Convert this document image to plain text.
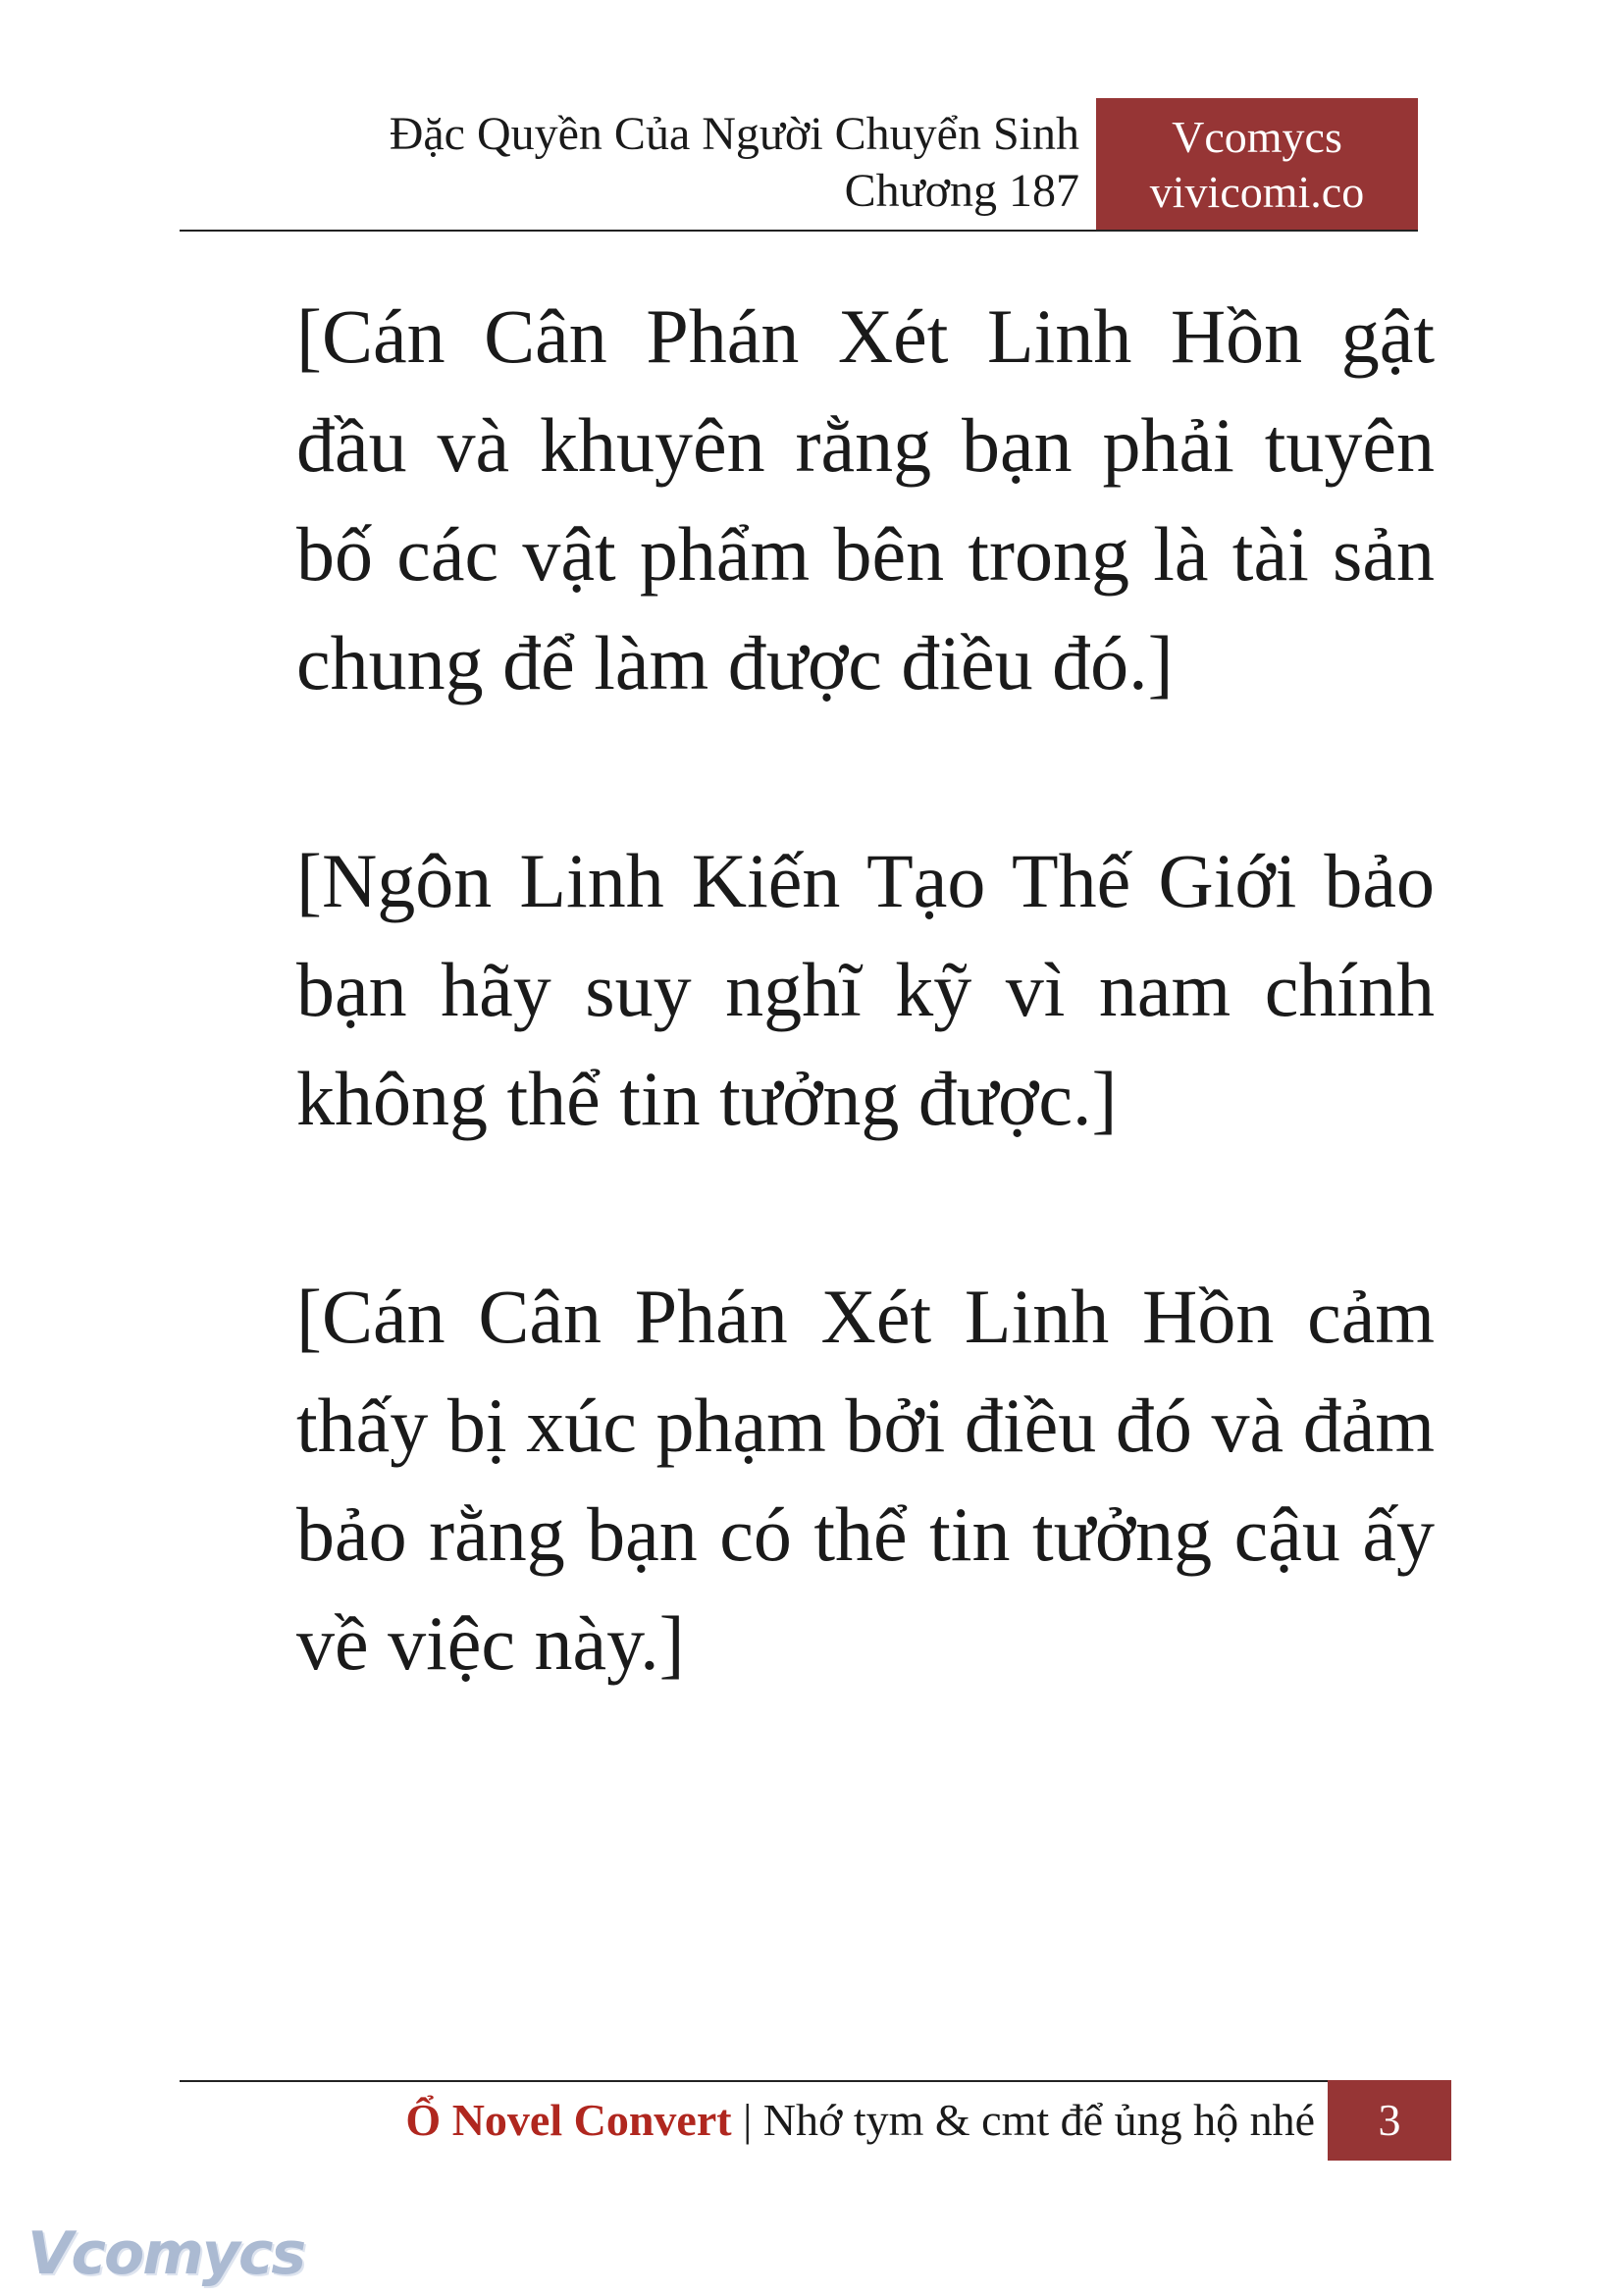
Đặc Quyền Của Người Chuyển Sinh
Chương 187
Vcomycs
vivicomi.co

[Cán Cân Phán Xét Linh Hồn gật đầu và khuyên rằng bạn phải tuyên bố các vật phẩm bên trong là tài sản chung để làm được điều đó.]

[Ngôn Linh Kiến Tạo Thế Giới bảo bạn hãy suy nghĩ kỹ vì nam chính không thể tin tưởng được.]

[Cán Cân Phán Xét Linh Hồn cảm thấy bị xúc phạm bởi điều đó và đảm bảo rằng bạn có thể tin tưởng cậu ấy về việc này.]

Ổ Novel Convert | Nhớ tym & cmt để ủng hộ nhé	3
Vcomycs
